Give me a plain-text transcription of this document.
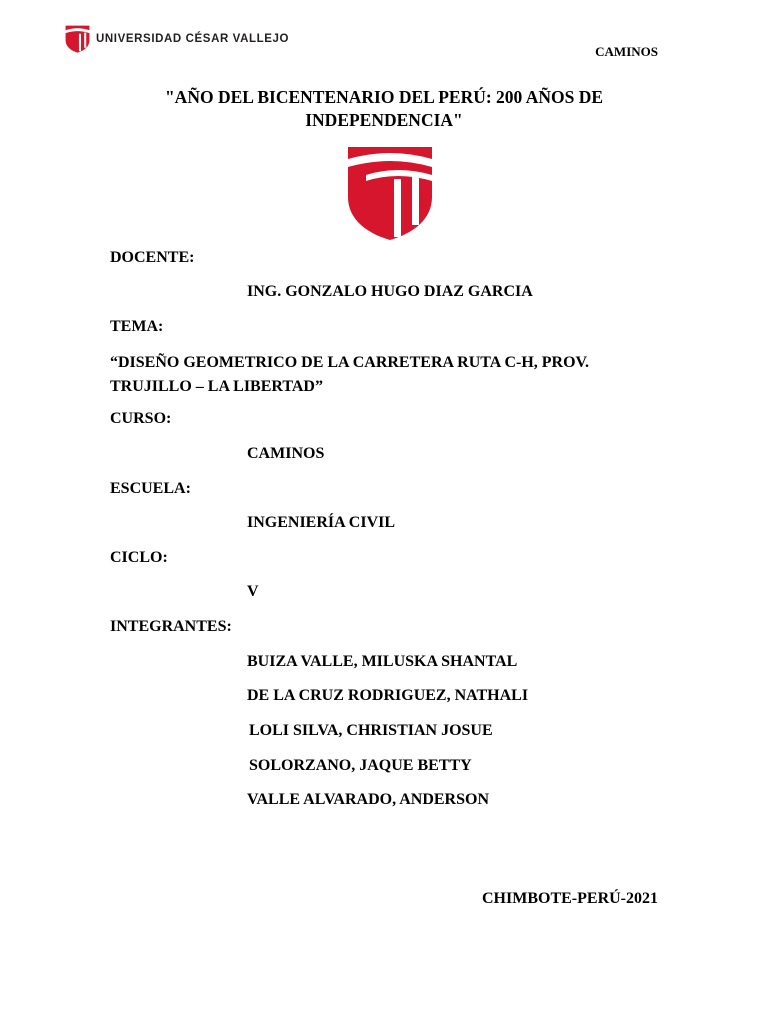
UNIVERSIDAD CÉSAR VALLEJO
CAMINOS
"AÑO DEL BICENTENARIO DEL PERÚ: 200 AÑOS DE INDEPENDENCIA"
DOCENTE:
ING. GONZALO HUGO DIAZ GARCIA
TEMA:
“DISEÑO GEOMETRICO DE LA CARRETERA RUTA C-H, PROV. TRUJILLO – LA LIBERTAD”
CURSO:
CAMINOS
ESCUELA:
INGENIERÍA CIVIL
CICLO:
V
INTEGRANTES:
BUIZA VALLE, MILUSKA SHANTAL
DE LA CRUZ RODRIGUEZ, NATHALI
LOLI SILVA, CHRISTIAN JOSUE
SOLORZANO, JAQUE BETTY
VALLE ALVARADO, ANDERSON
CHIMBOTE-PERÚ-2021
